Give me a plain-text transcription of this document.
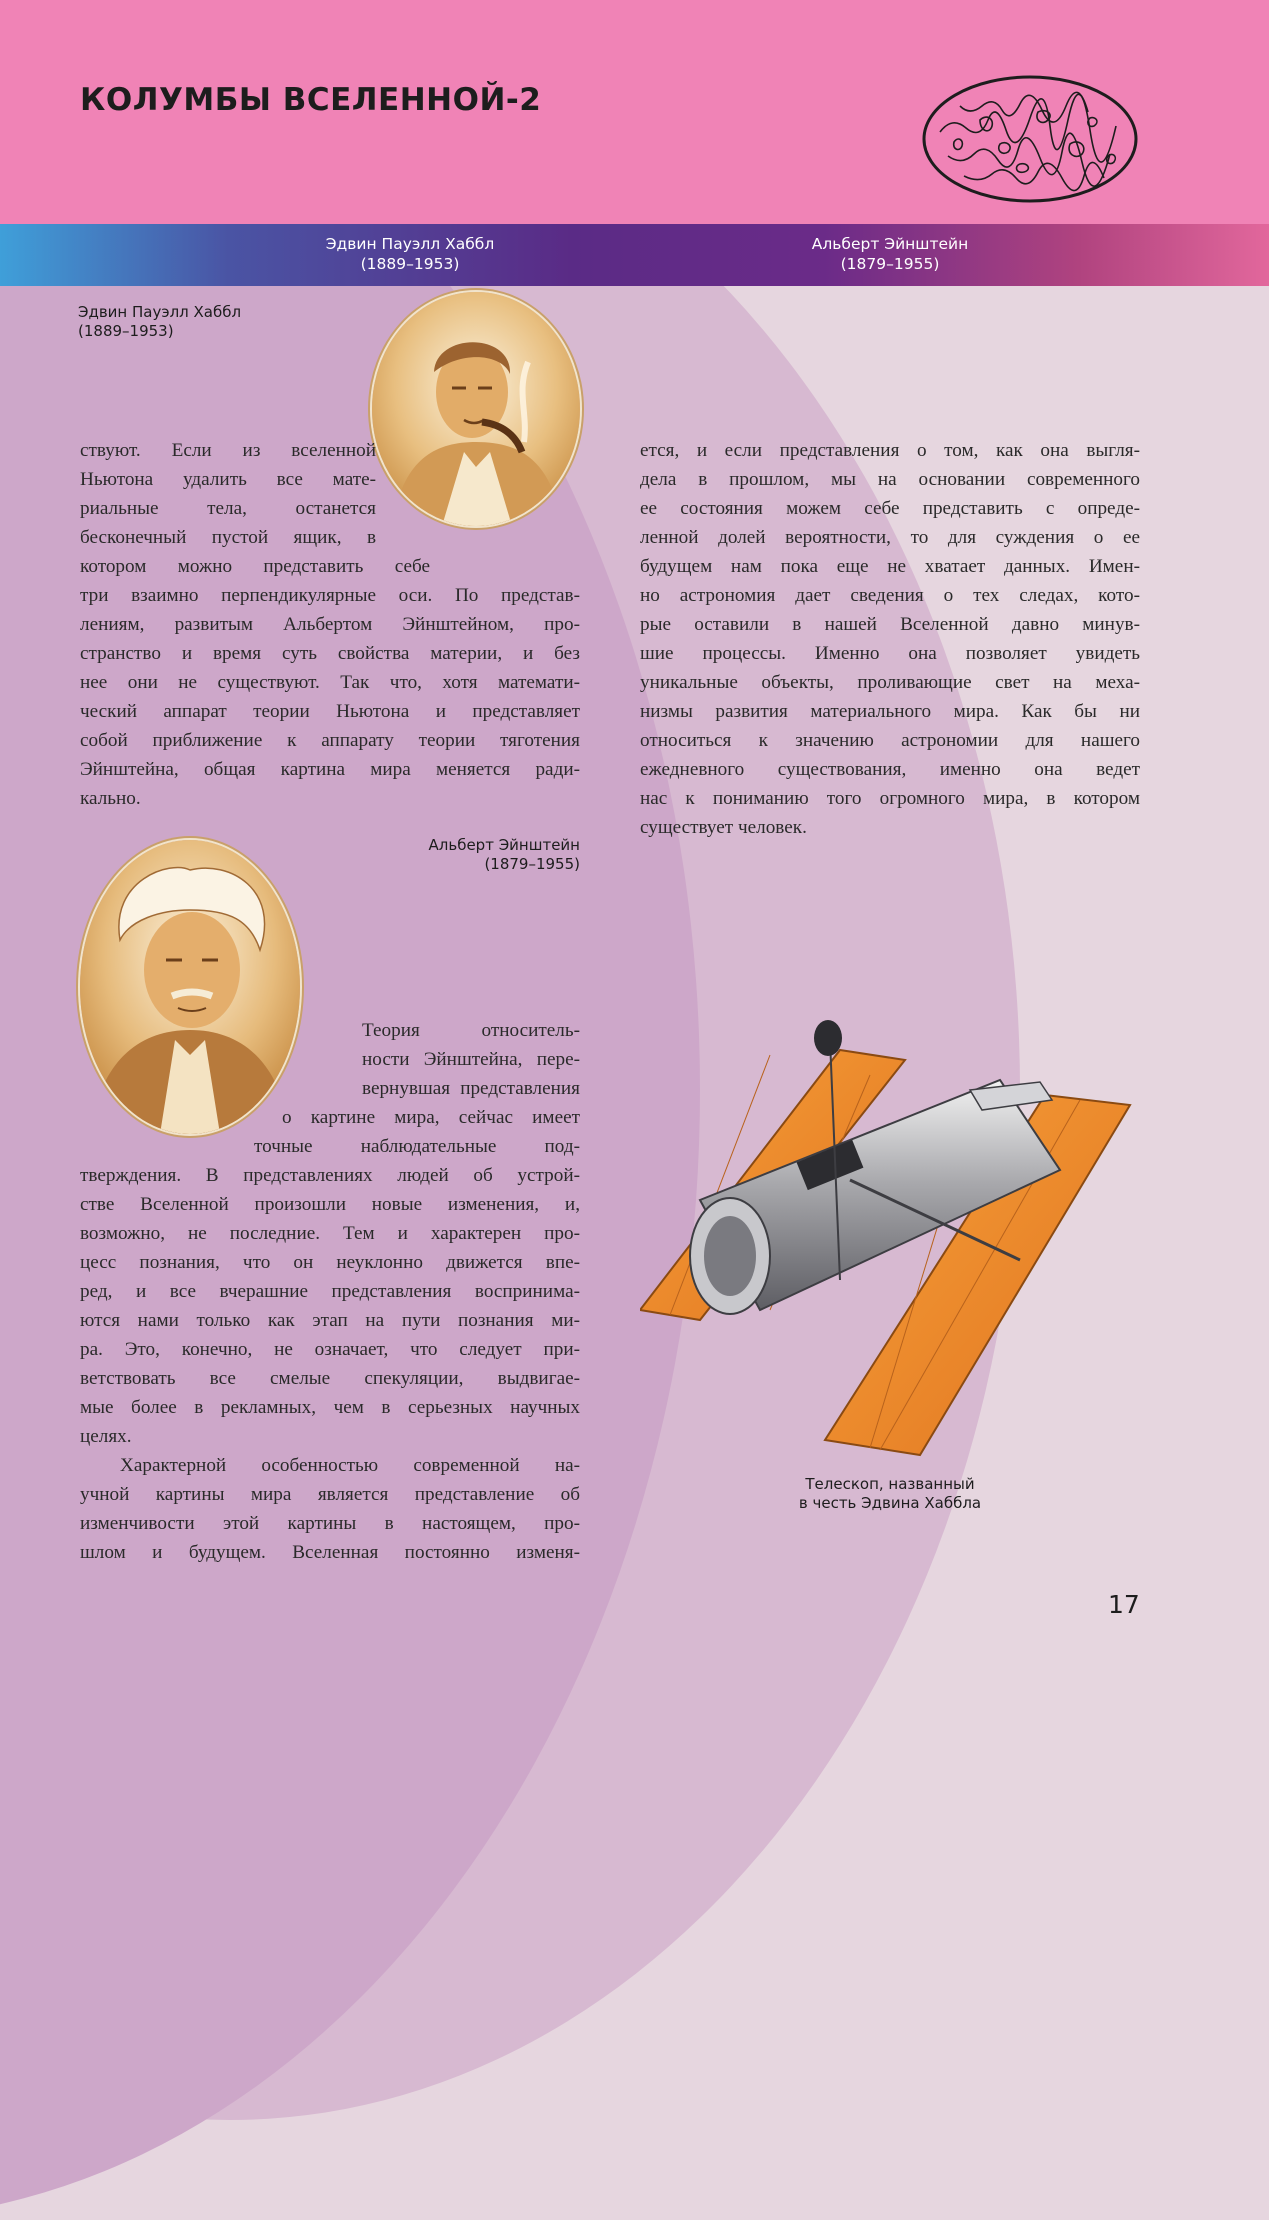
КОЛУМБЫ ВСЕЛЕННОЙ-2
Эдвин Пауэлл Хаббл
(1889–1953)
Альберт Эйнштейн
(1879–1955)
Эдвин Пауэлл Хаббл
(1889–1953)
ствуют. Если из вселенной
Ньютона удалить все мате-
риальные тела, останется
бесконечный пустой ящик, в
котором можно представить себе
три взаимно перпендикулярные оси. По представ-
лениям, развитым Альбертом Эйнштейном, про-
странство и время суть свойства материи, и без
нее они не существуют. Так что, хотя математи-
ческий аппарат теории Ньютона и представляет
собой приближение к аппарату теории тяготения
Эйнштейна, общая картина мира меняется ради-
кально.
Альберт Эйнштейн
(1879–1955)
Теория относитель-
ности Эйнштейна, пере-
вернувшая представления
о картине мира, сейчас имеет
точные наблюдательные под-
тверждения. В представлениях людей об устрой-
стве Вселенной произошли новые изменения, и,
возможно, не последние. Тем и характерен про-
цесс познания, что он неуклонно движется впе-
ред, и все вчерашние представления воспринима-
ются нами только как этап на пути познания ми-
ра. Это, конечно, не означает, что следует при-
ветствовать все смелые спекуляции, выдвигае-
мые более в рекламных, чем в серьезных научных
целях.
Характерной особенностью современной на-
учной картины мира является представление об
изменчивости этой картины в настоящем, про-
шлом и будущем. Вселенная постоянно изменя-
ется, и если представления о том, как она выгля-
дела в прошлом, мы на основании современного
ее состояния можем себе представить с опреде-
ленной долей вероятности, то для суждения о ее
будущем нам пока еще не хватает данных. Имен-
но астрономия дает сведения о тех следах, кото-
рые оставили в нашей Вселенной давно минув-
шие процессы. Именно она позволяет увидеть
уникальные объекты, проливающие свет на меха-
низмы развития материального мира. Как бы ни
относиться к значению астрономии для нашего
ежедневного существования, именно она ведет
нас к пониманию того огромного мира, в котором
существует человек.
Телескоп, названный
в честь Эдвина Хаббла
17
